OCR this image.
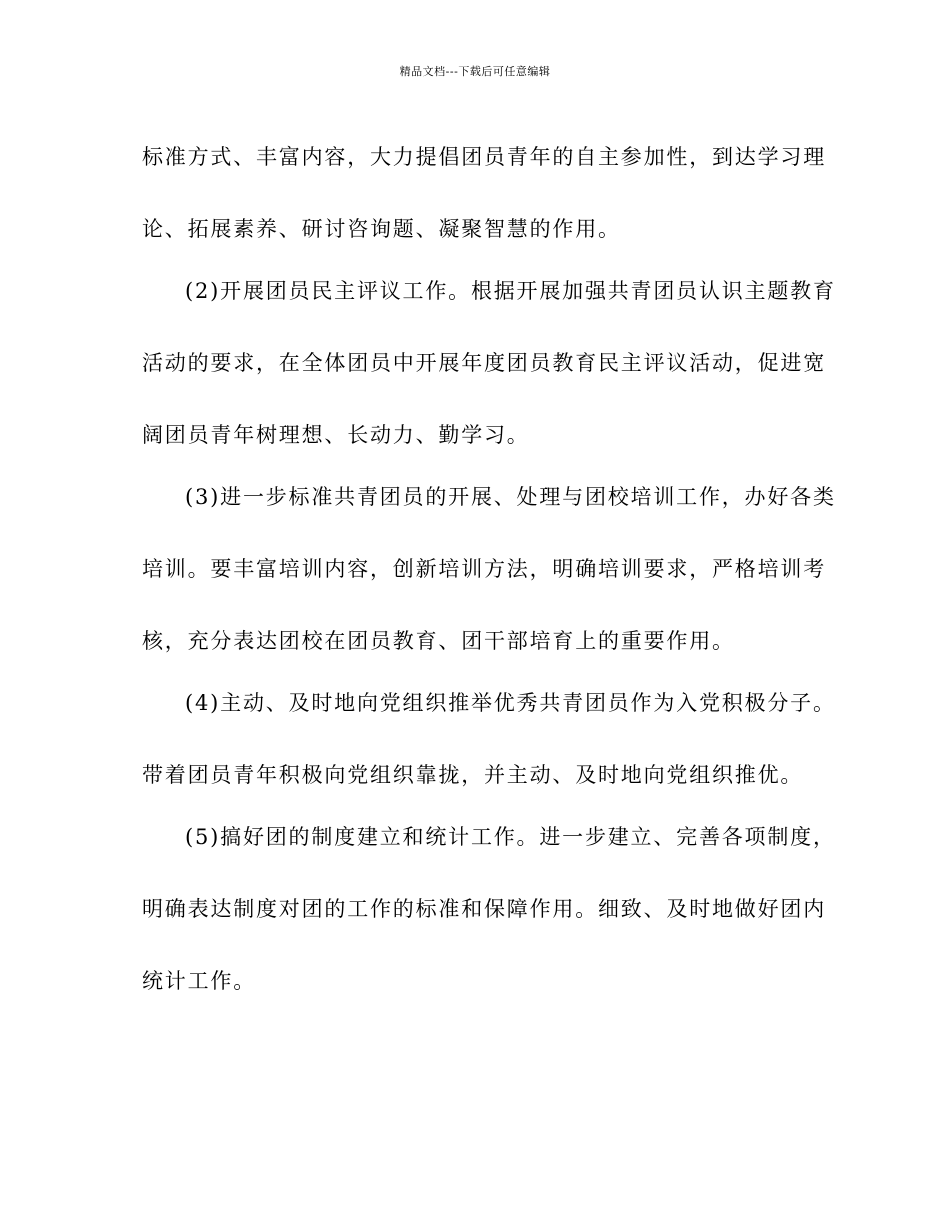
精品文档---下载后可任意编辑
标准方式、丰富内容，大力提倡团员青年的自主参加性，到达学习理
论、拓展素养、研讨咨询题、凝聚智慧的作用。
(2)开展团员民主评议工作。根据开展加强共青团员认识主题教育
活动的要求，在全体团员中开展年度团员教育民主评议活动，促进宽
阔团员青年树理想、长动力、勤学习。
(3)进一步标准共青团员的开展、处理与团校培训工作，办好各类
培训。要丰富培训内容，创新培训方法，明确培训要求，严格培训考
核，充分表达团校在团员教育、团干部培育上的重要作用。
(4)主动、及时地向党组织推举优秀共青团员作为入党积极分子。
带着团员青年积极向党组织靠拢，并主动、及时地向党组织推优。
(5)搞好团的制度建立和统计工作。进一步建立、完善各项制度，
明确表达制度对团的工作的标准和保障作用。细致、及时地做好团内
统计工作。
